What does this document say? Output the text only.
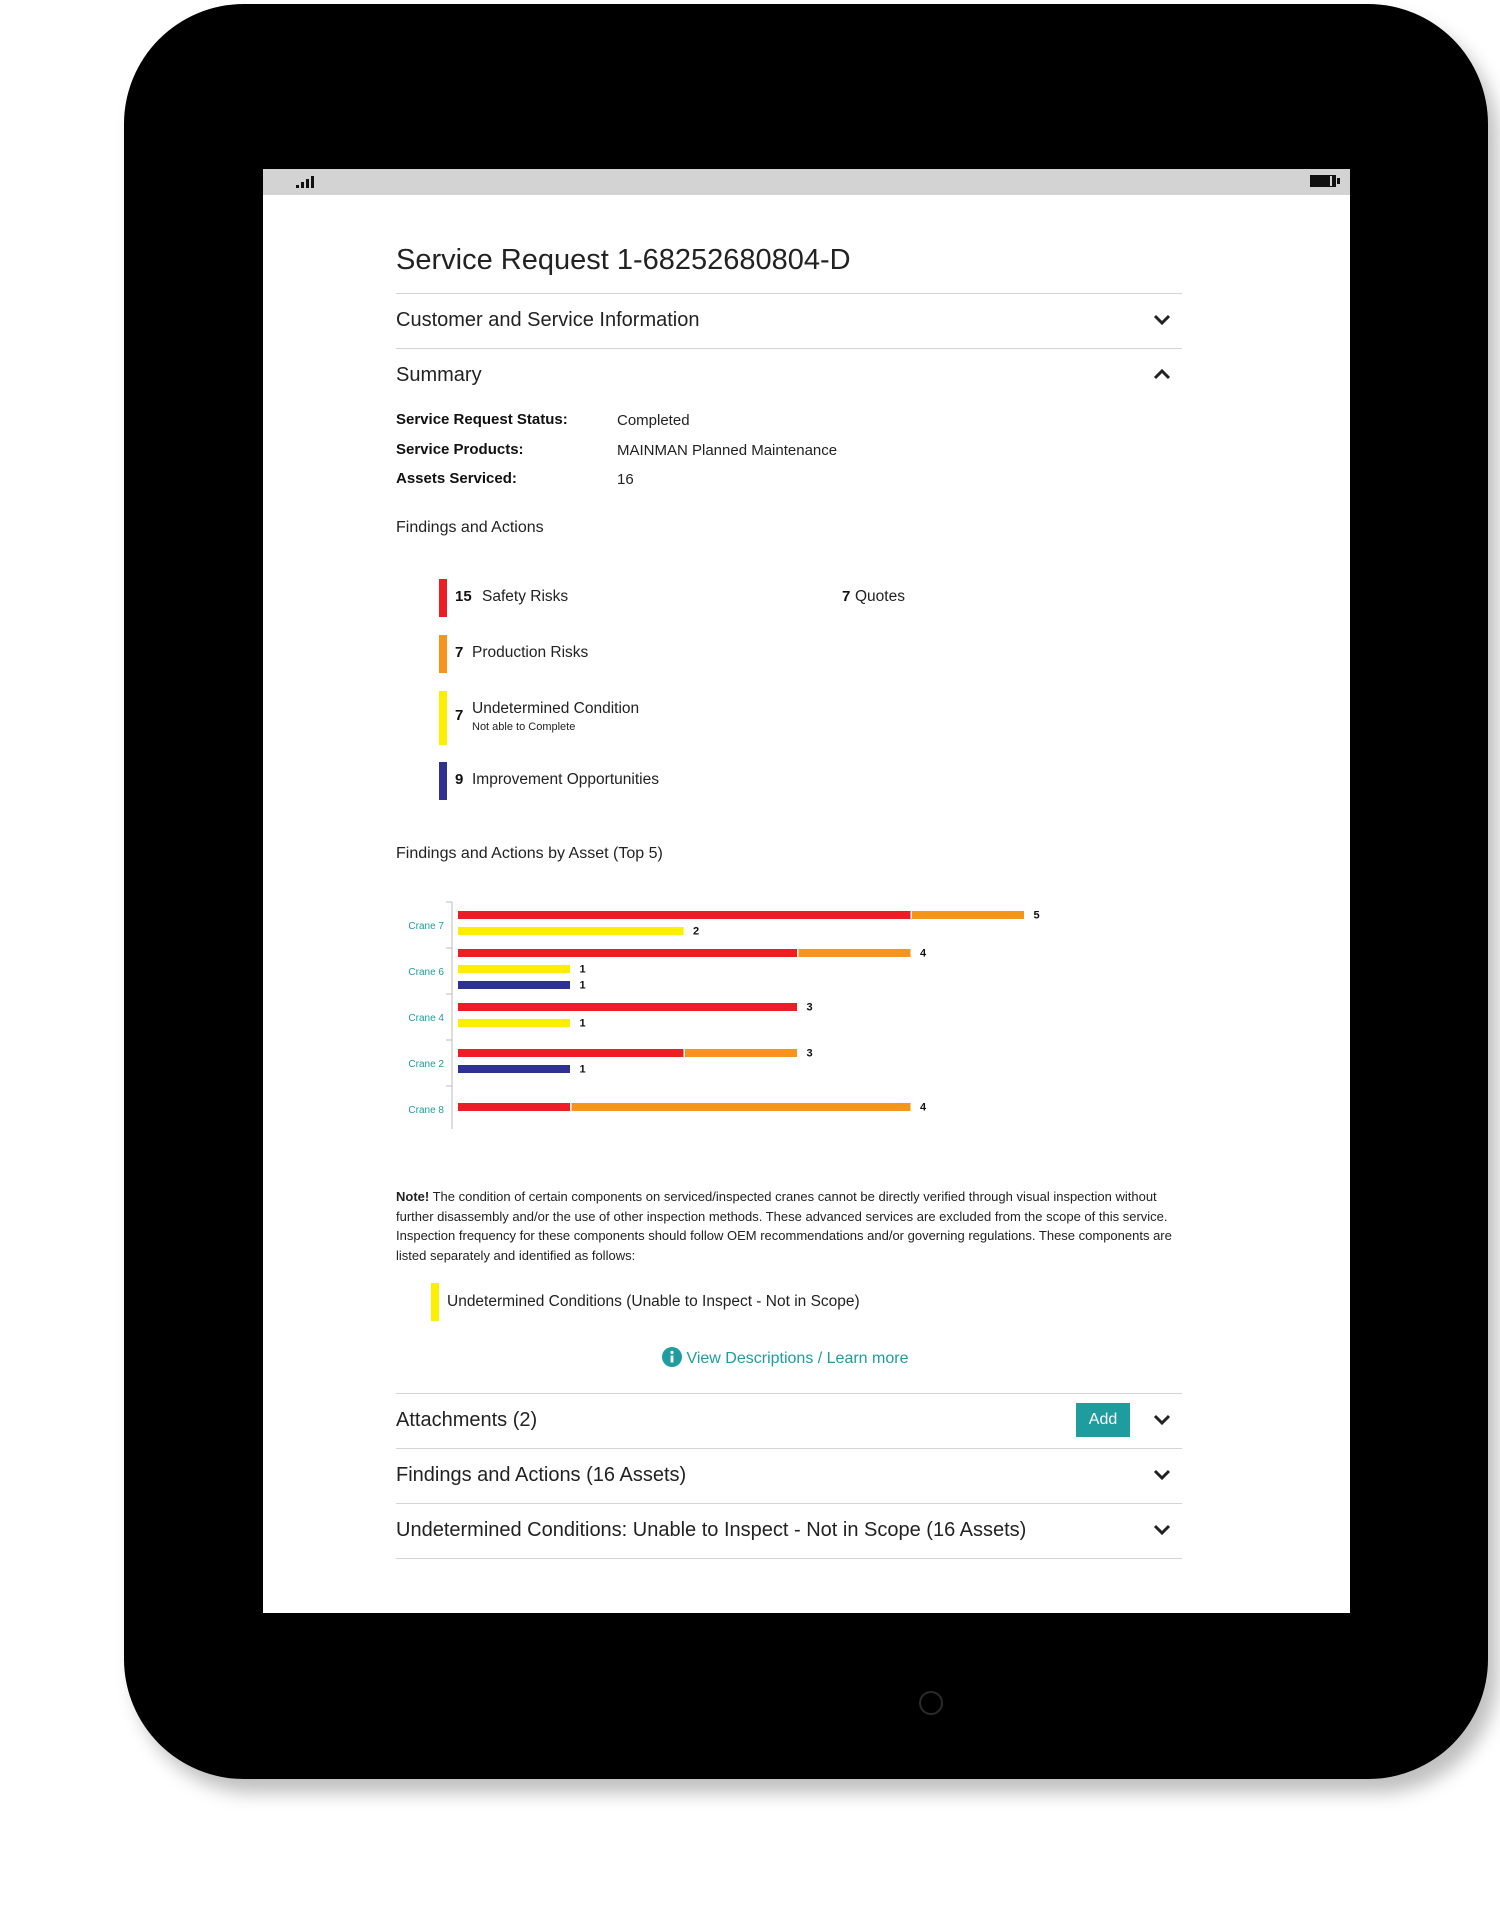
Service Request 1-68252680804-D
Customer and Service Information
Summary
Service Request Status:	Completed
Service Products:	MAINMAN Planned Maintenance
Assets Serviced:	16
Findings and Actions
15 Safety Risks
7 Production Risks
7 Undetermined Condition
Not able to Complete
9 Improvement Opportunities
7 Quotes
Findings and Actions by Asset (Top 5)
Crane 7
5
2
Crane 6
4
1
1
Crane 4
3
1
Crane 2
3
1
Crane 8	4
Note! The condition of certain components on serviced/inspected cranes cannot be directly verified through visual inspection without further disassembly and/or the use of other inspection methods. These advanced services are excluded from the scope of this service. Inspection frequency for these components should follow OEM recommendations and/or governing regulations. These components are listed separately and identified as follows:
Undetermined Conditions (Unable to Inspect - Not in Scope)
View Descriptions / Learn more
Attachments (2)	Add
Findings and Actions (16 Assets)
Undetermined Conditions: Unable to Inspect - Not in Scope (16 Assets)
